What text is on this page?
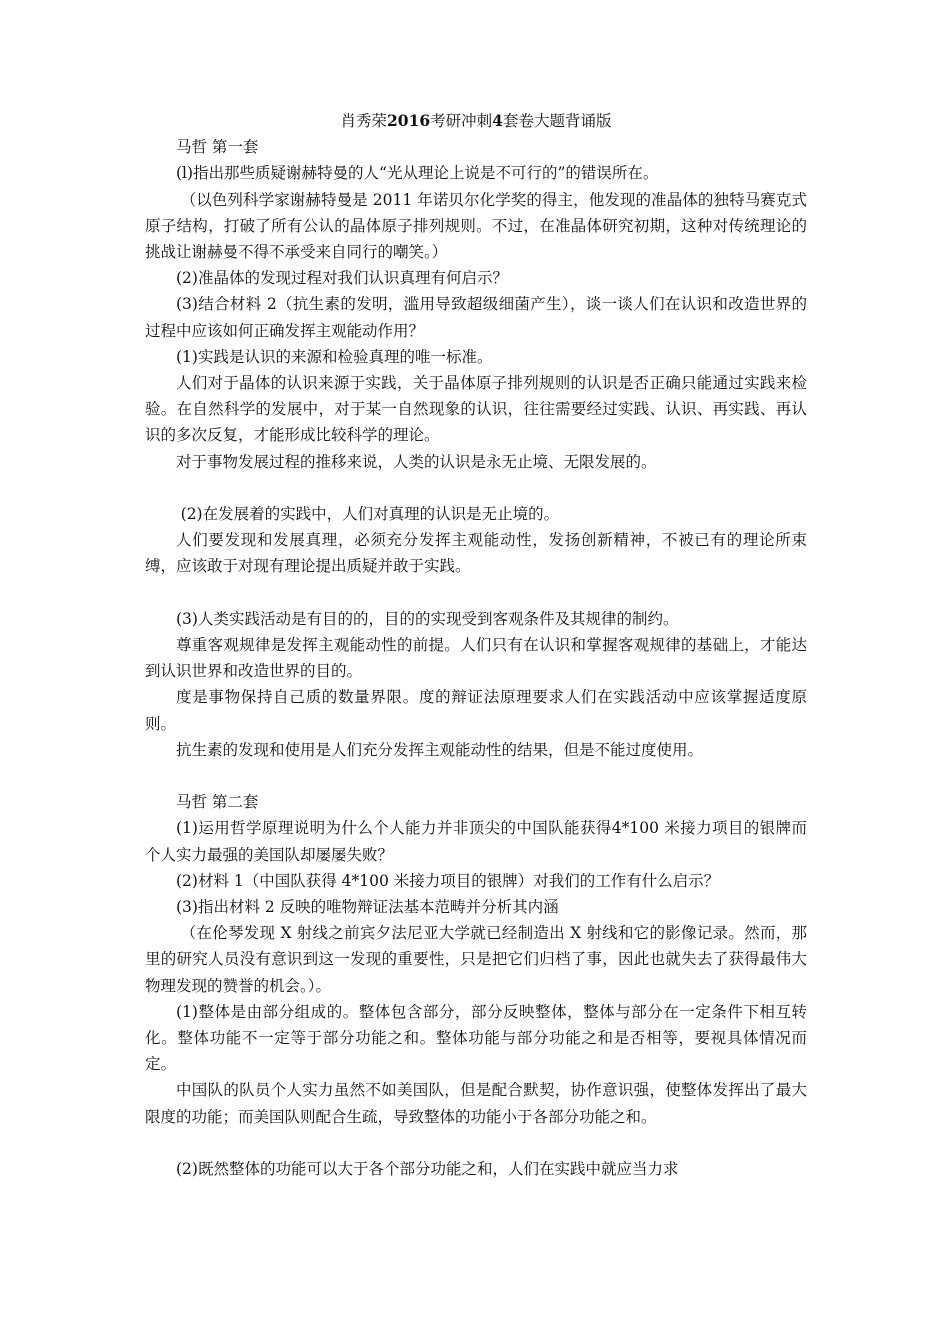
肖秀荣2016考研冲刺4套卷大题背诵版

马哲 第一套

(l)指出那些质疑谢赫特曼的人“光从理论上说是不可行的”的错误所在。

（以色列科学家谢赫特曼是 2011 年诺贝尔化学奖的得主，他发现的准晶体的独特马赛克式原子结构，打破了所有公认的晶体原子排列规则。不过，在准晶体研究初期，这种对传统理论的挑战让谢赫曼不得不承受来自同行的嘲笑。）

(2)准晶体的发现过程对我们认识真理有何启示？

(3)结合材料 2（抗生素的发明，滥用导致超级细菌产生），谈一谈人们在认识和改造世界的过程中应该如何正确发挥主观能动作用？

(1)实践是认识的来源和检验真理的唯一标准。

人们对于晶体的认识来源于实践，关于晶体原子排列规则的认识是否正确只能通过实践来检验。在自然科学的发展中，对于某一自然现象的认识，往往需要经过实践、认识、再实践、再认识的多次反复，才能形成比较科学的理论。

对于事物发展过程的推移来说，人类的认识是永无止境、无限发展的。

(2)在发展着的实践中，人们对真理的认识是无止境的。

人们要发现和发展真理，必须充分发挥主观能动性，发扬创新精神，不被已有的理论所束缚，应该敢于对现有理论提出质疑并敢于实践。

(3)人类实践活动是有目的的，目的的实现受到客观条件及其规律的制约。

尊重客观规律是发挥主观能动性的前提。人们只有在认识和掌握客观规律的基础上，才能达到认识世界和改造世界的目的。

度是事物保持自己质的数量界限。度的辩证法原理要求人们在实践活动中应该掌握适度原则。

抗生素的发现和使用是人们充分发挥主观能动性的结果，但是不能过度使用。

马哲 第二套

(1)运用哲学原理说明为什么个人能力并非顶尖的中国队能获得4*100 米接力项目的银牌而个人实力最强的美国队却屡屡失败？

(2)材料 1（中国队获得 4*100 米接力项目的银牌）对我们的工作有什么启示？

(3)指出材料 2 反映的唯物辩证法基本范畴并分析其内涵

（在伦琴发现 X 射线之前宾夕法尼亚大学就已经制造出 X 射线和它的影像记录。然而，那里的研究人员没有意识到这一发现的重要性，只是把它们归档了事，因此也就失去了获得最伟大物理发现的赞誉的机会。）。

(1)整体是由部分组成的。整体包含部分，部分反映整体，整体与部分在一定条件下相互转化。整体功能不一定等于部分功能之和。整体功能与部分功能之和是否相等，要视具体情况而定。

中国队的队员个人实力虽然不如美国队，但是配合默契，协作意识强，使整体发挥出了最大限度的功能；而美国队则配合生疏，导致整体的功能小于各部分功能之和。

(2)既然整体的功能可以大于各个部分功能之和，人们在实践中就应当力求
